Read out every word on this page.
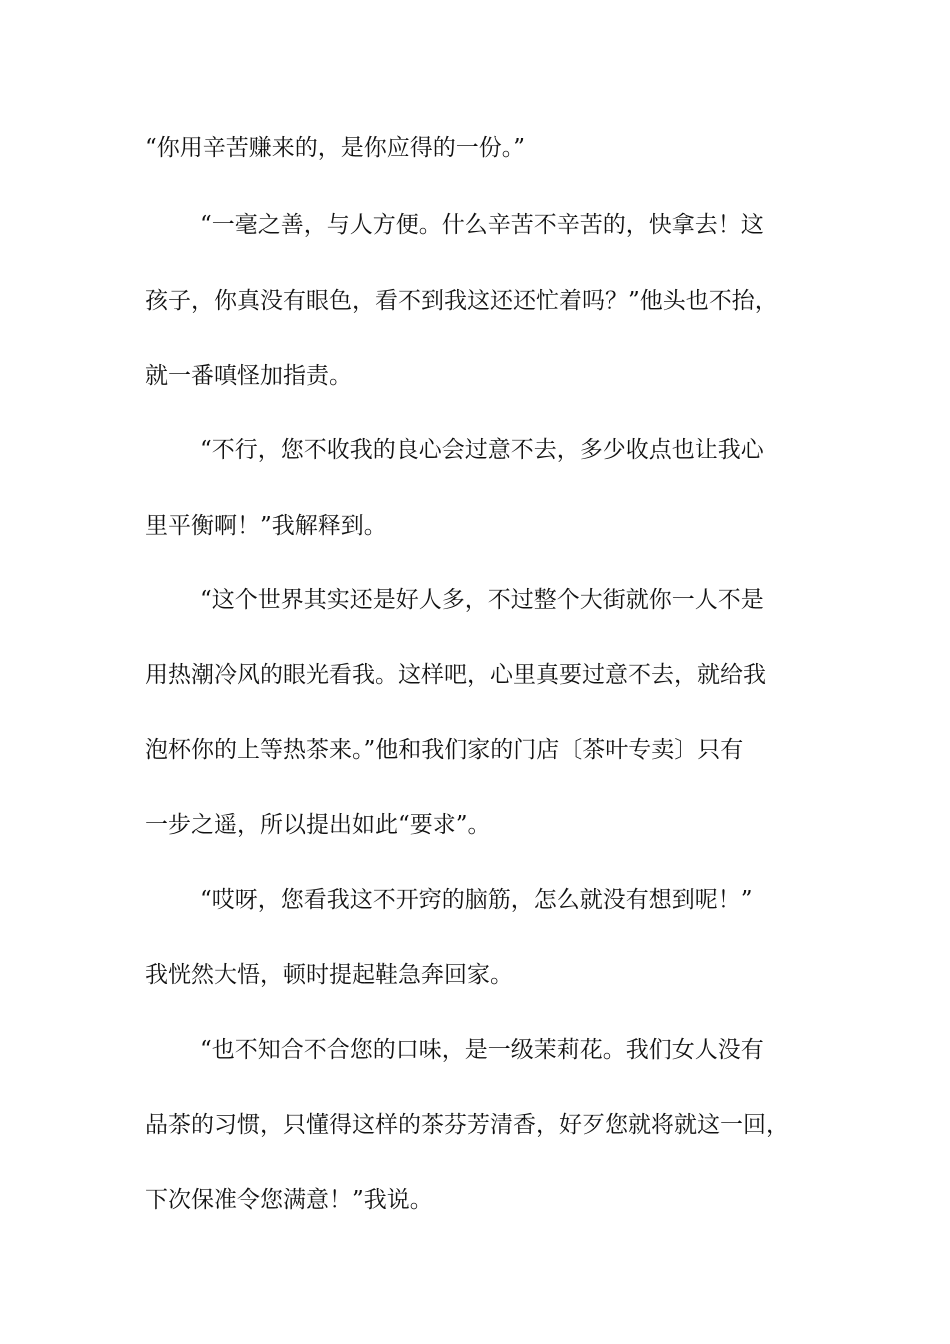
“你用辛苦赚来的，是你应得的一份。”
“一毫之善，与人方便。什么辛苦不辛苦的，快拿去！这
孩子，你真没有眼色，看不到我这还还忙着吗？”他头也不抬，
就一番嗔怪加指责。
“不行，您不收我的良心会过意不去，多少收点也让我心
里平衡啊！”我解释到。
“这个世界其实还是好人多，不过整个大街就你一人不是
用热潮冷风的眼光看我。这样吧，心里真要过意不去，就给我
泡杯你的上等热茶来。”他和我们家的门店〔茶叶专卖〕只有
一步之遥，所以提出如此“要求”。
“哎呀，您看我这不开窍的脑筋，怎么就没有想到呢！”
我恍然大悟，顿时提起鞋急奔回家。
“也不知合不合您的口味，是一级茉莉花。我们女人没有
品茶的习惯，只懂得这样的茶芬芳清香，好歹您就将就这一回，
下次保准令您满意！”我说。
